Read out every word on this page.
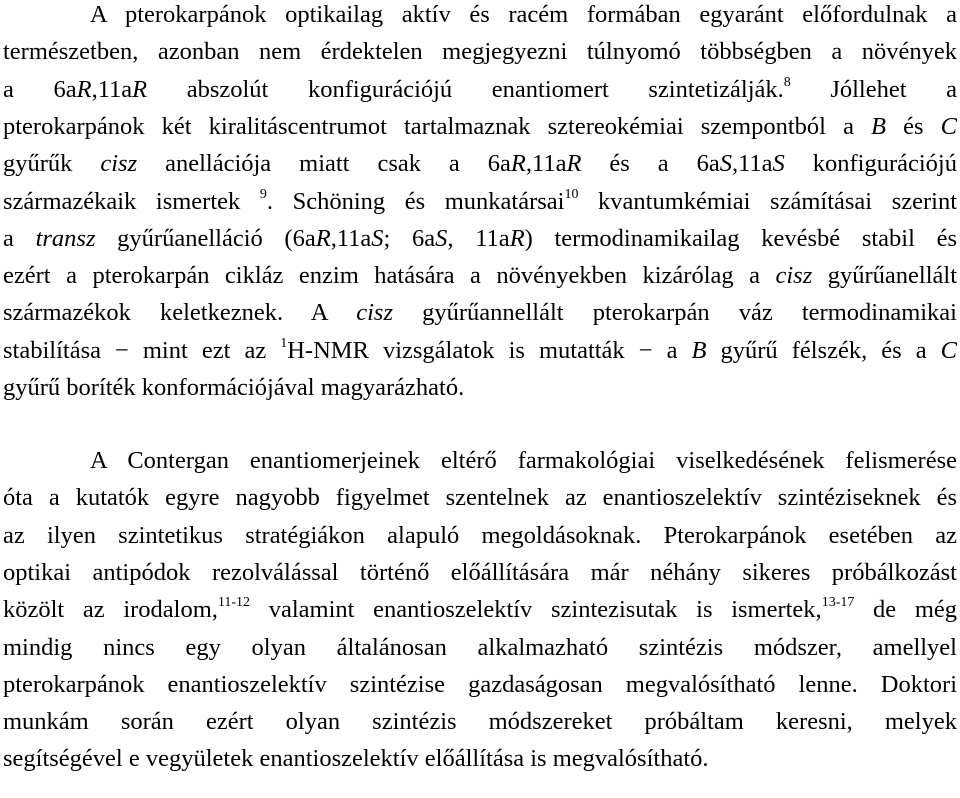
A pterokarpánok optikailag aktív és racém formában egyaránt előfordulnak a
természetben, azonban nem érdektelen megjegyezni túlnyomó többségben a növények
a 6aR,11aR abszolút konfigurációjú enantiomert szintetizálják.$^8$ Jóllehet a
pterokarpánok két kiralitáscentrumot tartalmaznak sztereokémiai szempontból a B és C
gyűrűk cisz anellációja miatt csak a 6aR,11aR és a 6aS,11aS konfigurációjú
származékaik ismertek $^9$. Schöning és munkatársai$^{10}$ kvantumkémiai számításai szerint
a transz gyűrűanelláció (6aR,11aS; 6aS, 11aR) termodinamikailag kevésbé stabil és
ezért a pterokarpán cikláz enzim hatására a növényekben kizárólag a cisz gyűrűanellált
származékok keletkeznek. A cisz gyűrűannellált pterokarpán váz termodinamikai
stabilítása − mint ezt az $^1$H-NMR vizsgálatok is mutatták − a B gyűrű félszék, és a C
gyűrű boríték konformációjával magyarázható.
A Contergan enantiomerjeinek eltérő farmakológiai viselkedésének felismerése
óta a kutatók egyre nagyobb figyelmet szentelnek az enantioszelektív szintéziseknek és
az ilyen szintetikus stratégiákon alapuló megoldásoknak. Pterokarpánok esetében az
optikai antipódok rezolválással történő előállítására már néhány sikeres próbálkozást
közölt az irodalom,$^{11-12}$ valamint enantioszelektív szintezisutak is ismertek,$^{13-17}$ de még
mindig nincs egy olyan általánosan alkalmazható szintézis módszer, amellyel
pterokarpánok enantioszelektív szintézise gazdaságosan megvalósítható lenne. Doktori
munkám során ezért olyan szintézis módszereket próbáltam keresni, melyek
segítségével e vegyületek enantioszelektív előállítása is megvalósítható.
